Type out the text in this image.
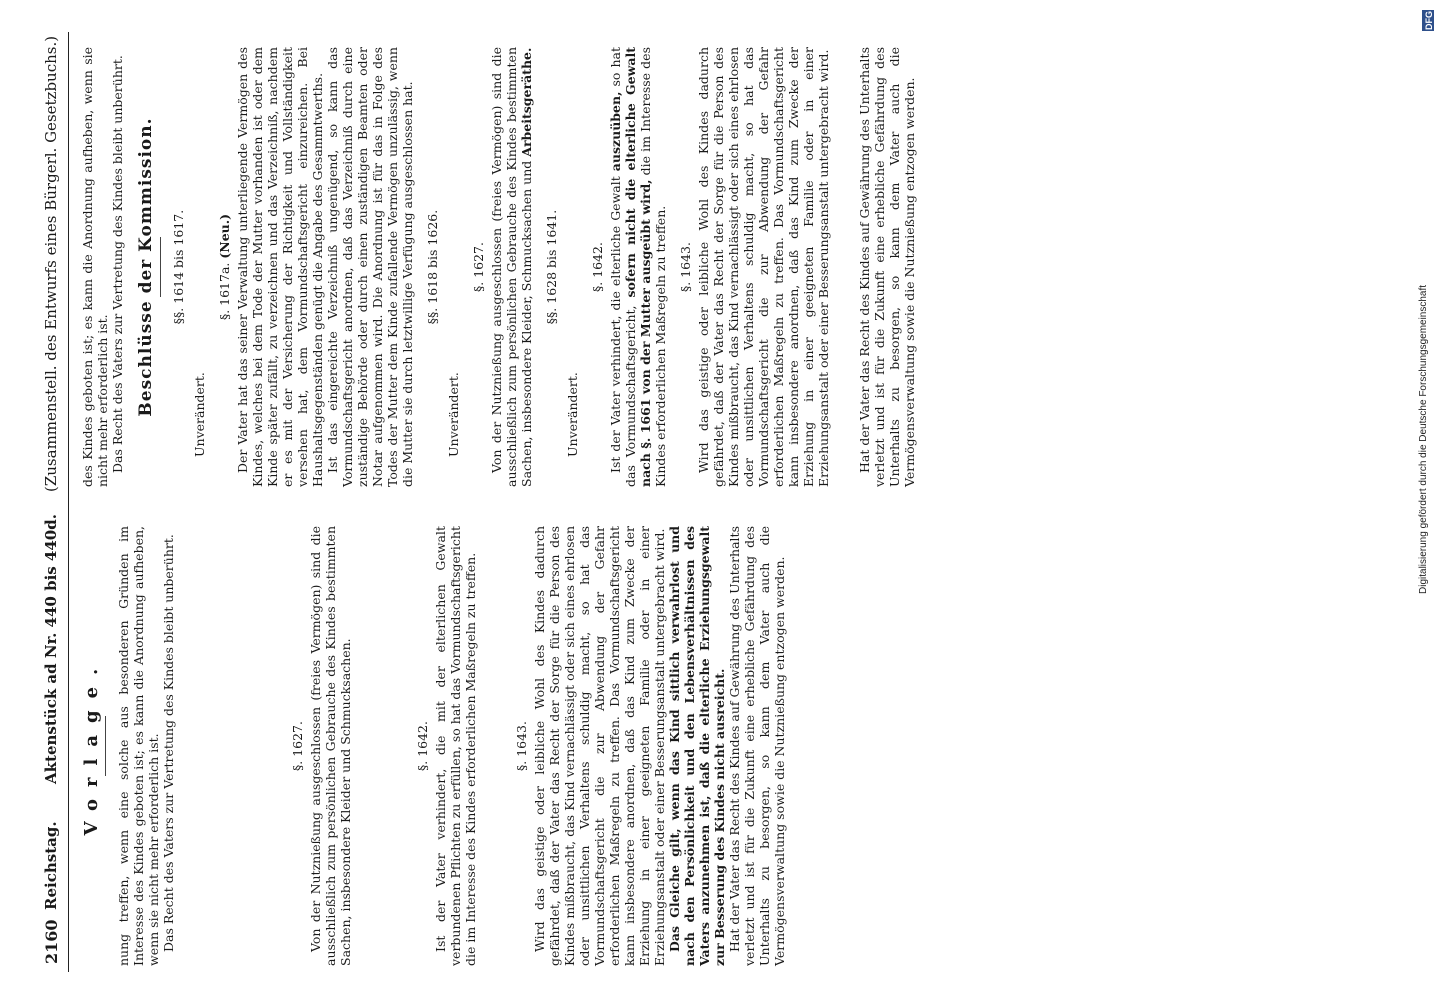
2160
Reichstag.
Aktenstück ad Nr. 440 bis 440d.
(Zusammenstell. des Entwurfs eines Bürgerl. Gesetzbuchs.)
Vorlage. nung treffen, wenn eine solche aus besonderen Gründen im Interesse des Kindes geboten ist; es kann die Anordnung aufheben, wenn sie nicht mehr erforderlich ist. Das Recht des Vaters zur Vertretung des Kindes bleibt unberührt.	§. 1627. Von der Nutznießung ausgeschlossen (freies Vermögen) sind die ausschließlich zum persönlichen Gebrauche des Kindes bestimmten Sachen, insbesondere Kleider und Schmucksachen.	§. 1642. Ist der Vater verhindert, die mit der elterlichen Gewalt verbundenen Pflichten zu erfüllen, so hat das Vormundschaftsgericht die im Interesse des Kindes erforderlichen Maßregeln zu treffen.	§. 1643. Wird das geistige oder leibliche Wohl des Kindes dadurch gefährdet, daß der Vater das Recht der Sorge für die Person des Kindes mißbraucht, das Kind vernachlässigt oder sich eines ehrlosen oder unsittlichen Verhaltens schuldig macht, so hat das Vormundschaftsgericht die zur Abwendung der Gefahr erforderlichen Maßregeln zu treffen. Das Vormundschaftsgericht kann insbesondere anordnen, daß das Kind zum Zwecke der Erziehung in einer geeigneten Familie oder in einer Erziehungsanstalt oder einer Besserungsanstalt untergebracht wird. Das Gleiche gilt, wenn das Kind sittlich verwahrlost und nach den Persönlichkeit und den Lebensverhältnissen des Vaters anzunehmen ist, daß die elterliche Erziehungsgewalt zur Besserung des Kindes nicht ausreicht. Hat der Vater das Recht des Kindes auf Gewährung des Unterhalts verletzt und ist für die Zukunft eine erhebliche Gefährdung des Unterhalts zu besorgen, so kann dem Vater auch die Vermögensverwaltung sowie die Nutznießung entzogen werden.

des Kindes geboten ist; es kann die Anordnung aufheben, wenn sie nicht mehr erforderlich ist. Das Recht des Vaters zur Vertretung des Kindes bleibt unberührt. Beschlüsse der Kommission. §§. 1614 bis 1617.
Unverändert.
§. 1617a. (Neu.) Der Vater hat das seiner Verwaltung unterliegende Vermögen des Kindes, welches bei dem Tode der Mutter vorhanden ist oder dem Kinde später zufällt, zu verzeichnen und das Verzeichniß, nachdem er es mit der Versicherung der Richtigkeit und Vollständigkeit versehen hat, dem Vormundschaftsgericht einzureichen. Bei Haushaltsgegenständen genügt die Angabe des Gesammtwerths. Ist das eingereichte Verzeichniß ungenügend, so kann das Vormundschaftsgericht anordnen, daß das Verzeichniß durch eine zuständige Behörde oder durch einen zuständigen Beamten oder Notar aufgenommen wird. Die Anordnung ist für das in Folge des Todes der Mutter dem Kinde zufallende Vermögen unzulässig, wenn die Mutter sie durch letztwillige Verfügung ausgeschlossen hat. §§. 1618 bis 1626.
Unverändert.
§. 1627. Von der Nutznießung ausgeschlossen (freies Vermögen) sind die ausschließlich zum persönlichen Gebrauche des Kindes bestimmten Sachen, insbesondere Kleider, Schmucksachen und Arbeitsgeräthe.

§§. 1628 bis 1641.
Unverändert.
§. 1642. Ist der Vater verhindert, die elterliche Gewalt auszuüben, so hat das Vormundschaftsgericht, sofern nicht die elterliche Gewalt nach §. 1661 von der Mutter ausgeübt wird, die im Interesse des Kindes erforderlichen Maßregeln zu treffen. §. 1643. Wird das geistige oder leibliche Wohl des Kindes dadurch gefährdet, daß der Vater das Recht der Sorge für die Person des Kindes mißbraucht, das Kind vernachlässigt oder sich eines ehrlosen oder unsittlichen Verhaltens schuldig macht, so hat das Vormundschaftsgericht die zur Abwendung der Gefahr erforderlichen Maßregeln zu treffen. Das Vormundschaftsgericht kann insbesondere anordnen, daß das Kind zum Zwecke der Erziehung in einer geeigneten Familie oder in einer Erziehungsanstalt oder einer Besserungsanstalt untergebracht wird. Hat der Vater das Recht des Kindes auf Gewährung des Unterhalts verletzt und ist für die Zukunft eine erhebliche Gefährdung des Unterhalts zu besorgen, so kann dem Vater auch die Vermögensverwaltung sowie die Nutznießung entzogen werden.

DFG
Digitalisierung gefördert durch die Deutsche Forschungsgemeinschaft
